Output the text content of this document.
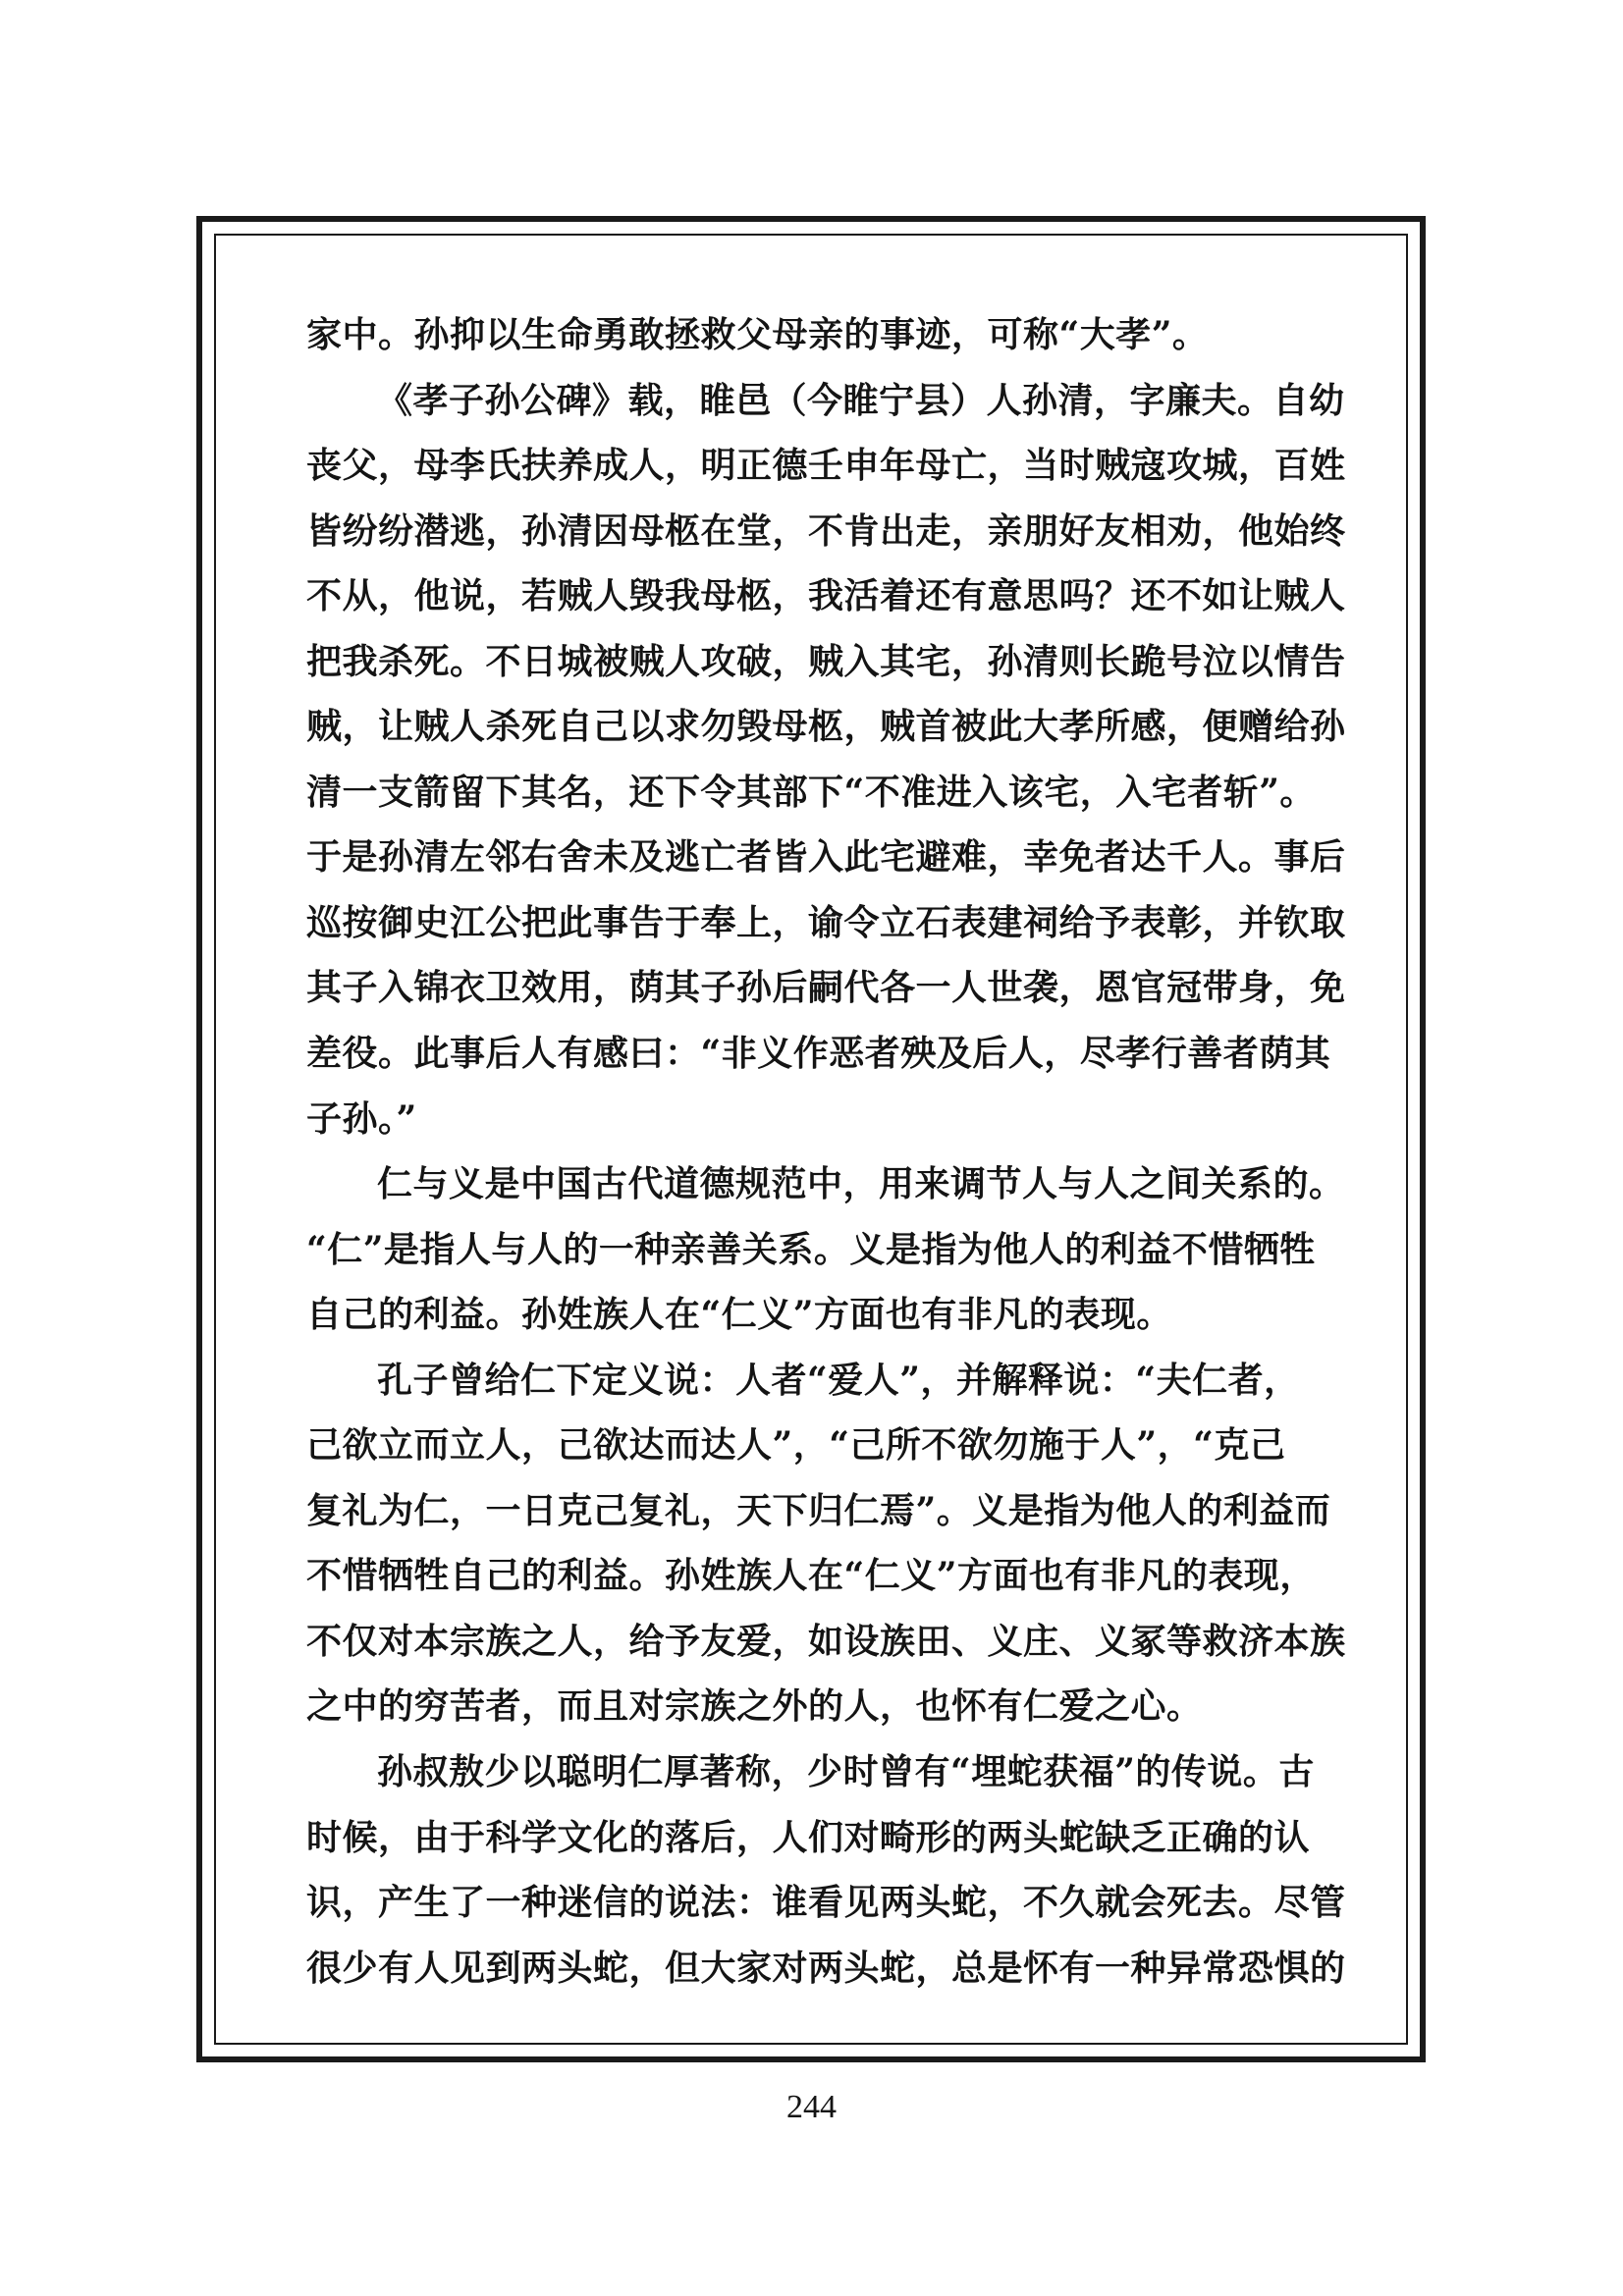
家中。孙抑以生命勇敢拯救父母亲的事迹，可称“大孝”。
《孝子孙公碑》载，睢邑（今睢宁县）人孙清，字廉夫。自幼
丧父，母李氏扶养成人，明正德壬申年母亡，当时贼寇攻城，百姓
皆纷纷潜逃，孙清因母柩在堂，不肯出走，亲朋好友相劝，他始终
不从，他说，若贼人毁我母柩，我活着还有意思吗？还不如让贼人
把我杀死。不日城被贼人攻破，贼入其宅，孙清则长跪号泣以情告
贼，让贼人杀死自己以求勿毁母柩，贼首被此大孝所感，便赠给孙
清一支箭留下其名，还下令其部下“不准进入该宅，入宅者斩”。
于是孙清左邻右舍未及逃亡者皆入此宅避难，幸免者达千人。事后
巡按御史江公把此事告于奉上，谕令立石表建祠给予表彰，并钦取
其子入锦衣卫效用，荫其子孙后嗣代各一人世袭，恩官冠带身，免
差役。此事后人有感曰：“非义作恶者殃及后人，尽孝行善者荫其
子孙。”
仁与义是中国古代道德规范中，用来调节人与人之间关系的。
“仁”是指人与人的一种亲善关系。义是指为他人的利益不惜牺牲
自己的利益。孙姓族人在“仁义”方面也有非凡的表现。
孔子曾给仁下定义说：人者“爱人”，并解释说：“夫仁者，
己欲立而立人，己欲达而达人”，“己所不欲勿施于人”，“克己
复礼为仁，一日克己复礼，天下归仁焉”。义是指为他人的利益而
不惜牺牲自己的利益。孙姓族人在“仁义”方面也有非凡的表现，
不仅对本宗族之人，给予友爱，如设族田、义庄、义冢等救济本族
之中的穷苦者，而且对宗族之外的人，也怀有仁爱之心。
孙叔敖少以聪明仁厚著称，少时曾有“埋蛇获福”的传说。古
时候，由于科学文化的落后，人们对畸形的两头蛇缺乏正确的认
识，产生了一种迷信的说法：谁看见两头蛇，不久就会死去。尽管
很少有人见到两头蛇，但大家对两头蛇，总是怀有一种异常恐惧的
244
